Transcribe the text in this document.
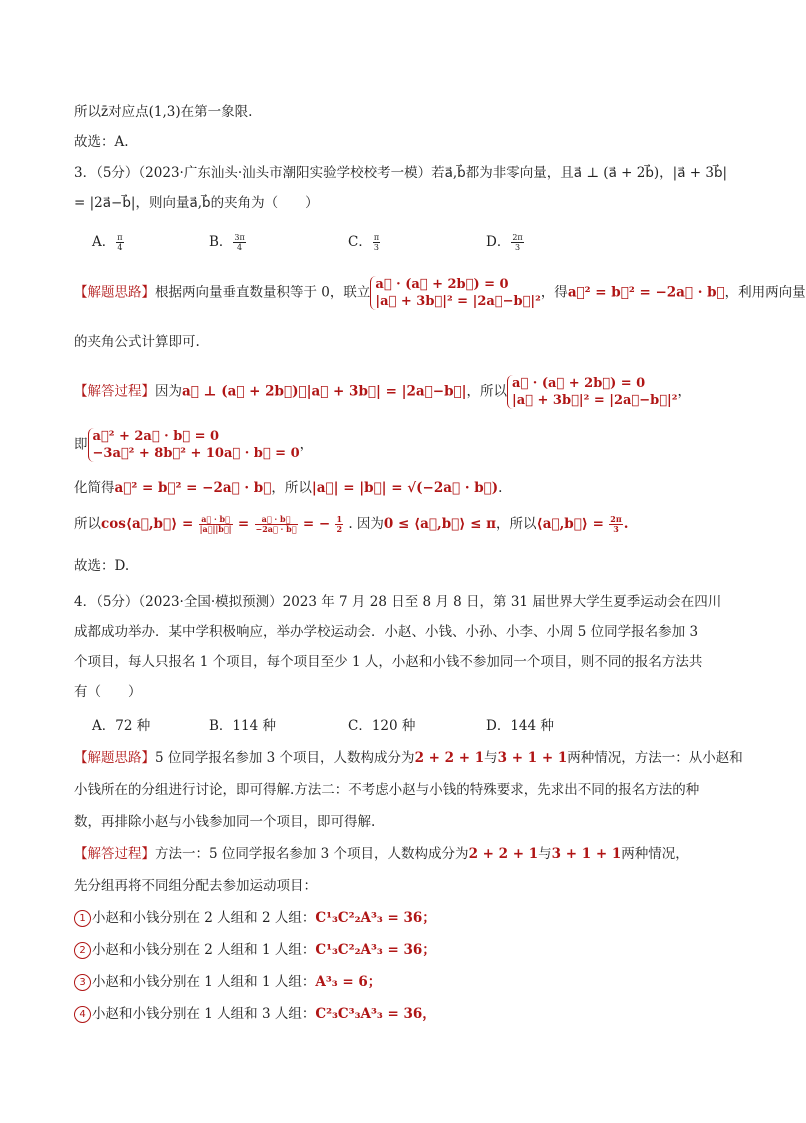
所以z̄对应点(1,3)在第一象限.
故选：A.
3．（5分）（2023·广东汕头·汕头市潮阳实验学校校考一模）若a⃗,b⃗都为非零向量，且a⃗ ⊥ (a⃗ + 2b⃗)，|a⃗ + 3b⃗|
= |2a⃗−b⃗|，则向量a⃗,b⃗的夹角为（　　）
A． $\frac{\pi}{4}$	B． $\frac{3\pi}{4}$	C． $\frac{\pi}{3}$	D． $\frac{2\pi}{3}$
【解题思路】根据两向量垂直数量积等于 0，联立 a⃗ · (a⃗ + 2b⃗) = 0
|a⃗ + 3b⃗|² = |2a⃗−b⃗|²
，得a⃗² = b⃗² = −2a⃗ · b⃗，利用两向量
的夹角公式计算即可.
【解答过程】因为a⃗ ⊥ (a⃗ + 2b⃗)，|a⃗ + 3b⃗| = |2a⃗−b⃗|，所以 a⃗ · (a⃗ + 2b⃗) = 0
|a⃗ + 3b⃗|² = |2a⃗−b⃗|²
，
即 a⃗² + 2a⃗ · b⃗ = 0
−3a⃗² + 8b⃗² + 10a⃗ · b⃗ = 0
，
化简得a⃗² = b⃗² = −2a⃗ · b⃗，所以|a⃗| = |b⃗| = √(−2a⃗ · b⃗).
所以cos⟨a⃗,b⃗⟩ = $\frac{a⃗ \cdot b⃗}{|a⃗||b⃗|} = \frac{a⃗ \cdot b⃗}{-2a⃗ \cdot b⃗}$ = − $\frac{1}{2}$ . 因为0 ≤ ⟨a⃗,b⃗⟩ ≤ π，所以⟨a⃗,b⃗⟩ = $\frac{2\pi}{3}$ .
故选：D.
4．（5分）（2023·全国·模拟预测）2023 年 7 月 28 日至 8 月 8 日，第 31 届世界大学生夏季运动会在四川
成都成功举办．某中学积极响应，举办学校运动会．小赵、小钱、小孙、小李、小周 5 位同学报名参加 3
个项目，每人只报名 1 个项目，每个项目至少 1 人，小赵和小钱不参加同一个项目，则不同的报名方法共
有（　　）
A．72 种	B．114 种	C．120 种	D．144 种
【解题思路】5 位同学报名参加 3 个项目，人数构成分为2 + 2 + 1与3 + 1 + 1两种情况，方法一：从小赵和
小钱所在的分组进行讨论，即可得解.方法二：不考虑小赵与小钱的特殊要求，先求出不同的报名方法的种
数，再排除小赵与小钱参加同一个项目，即可得解.
【解答过程】方法一：5 位同学报名参加 3 个项目，人数构成分为2 + 2 + 1与3 + 1 + 1两种情况，
先分组再将不同组分配去参加运动项目：
1 小赵和小钱分别在 2 人组和 2 人组：C¹₃C²₂A³₃ = 36；
2 小赵和小钱分别在 2 人组和 1 人组：C¹₃C²₂A³₃ = 36；
3 小赵和小钱分别在 1 人组和 1 人组：A³₃ = 6；
4 小赵和小钱分别在 1 人组和 3 人组：C²₃C³₃A³₃ = 36，
